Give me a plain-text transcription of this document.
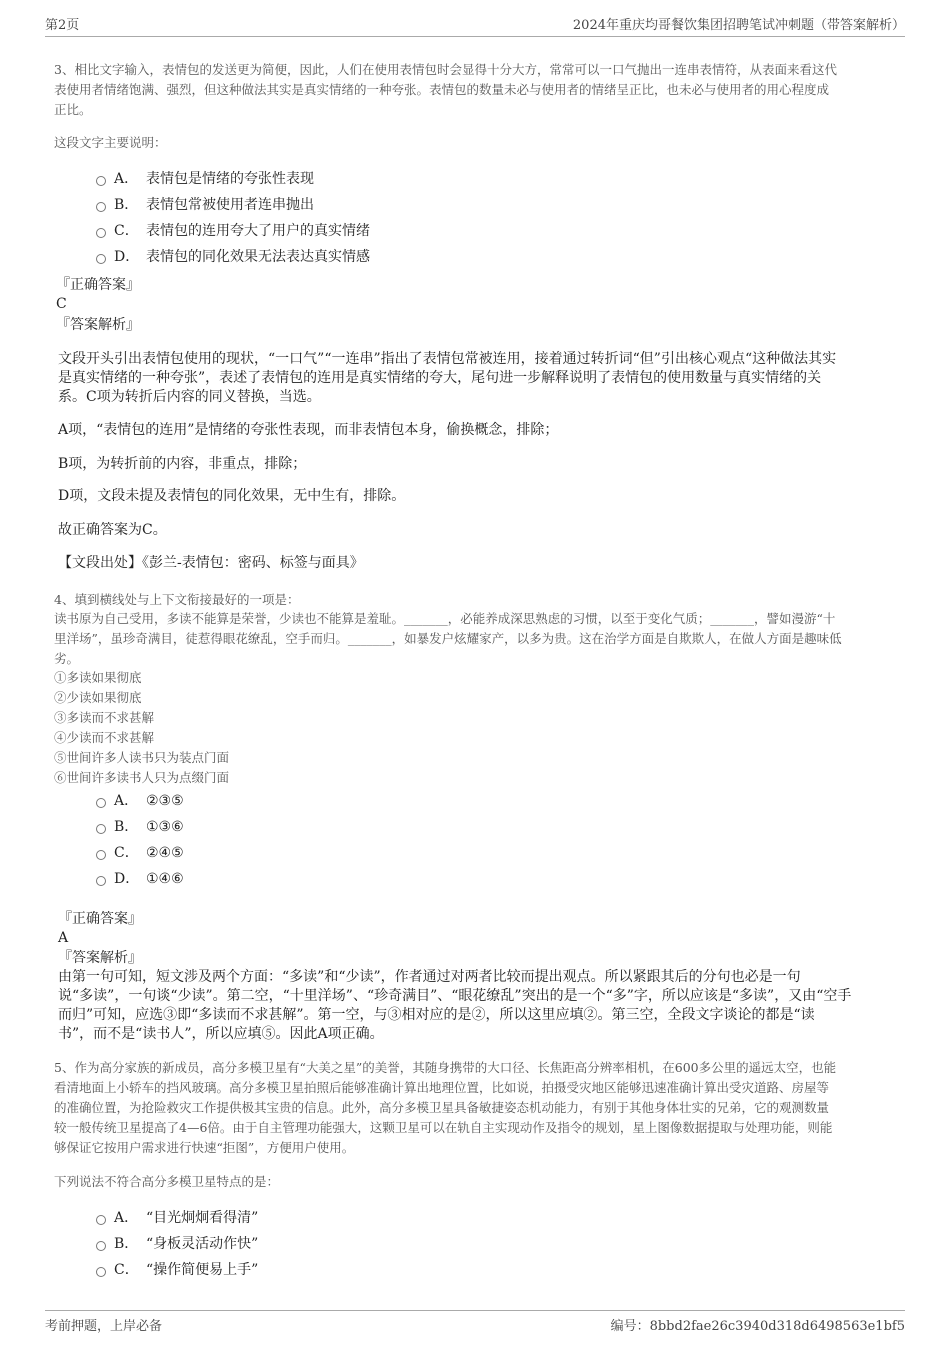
第2页	2024年重庆均哥餐饮集团招聘笔试冲刺题（带答案解析）
3、相比文字输入，表情包的发送更为简便，因此，人们在使用表情包时会显得十分大方，常常可以一口气抛出一连串表情符，从表面来看这代
表使用者情绪饱满、强烈，但这种做法其实是真实情绪的一种夸张。表情包的数量未必与使用者的情绪呈正比，也未必与使用者的用心程度成
正比。
这段文字主要说明：
A． 表情包是情绪的夸张性表现
B． 表情包常被使用者连串抛出
C． 表情包的连用夸大了用户的真实情绪
D． 表情包的同化效果无法表达真实情感
『正确答案』
C
『答案解析』
文段开头引出表情包使用的现状，“一口气”“一连串”指出了表情包常被连用，接着通过转折词“但”引出核心观点“这种做法其实
是真实情绪的一种夸张”，表述了表情包的连用是真实情绪的夸大，尾句进一步解释说明了表情包的使用数量与真实情绪的关
系。C项为转折后内容的同义替换，当选。
A项，“表情包的连用”是情绪的夸张性表现，而非表情包本身，偷换概念，排除；
B项，为转折前的内容，非重点，排除；
D项，文段未提及表情包的同化效果，无中生有，排除。
故正确答案为C。
【文段出处】《彭兰-表情包：密码、标签与面具》
4、填到横线处与上下文衔接最好的一项是：
读书原为自己受用，多读不能算是荣誉，少读也不能算是羞耻。_______，必能养成深思熟虑的习惯，以至于变化气质；_______，譬如漫游“十
里洋场”，虽珍奇满目，徒惹得眼花缭乱，空手而归。_______，如暴发户炫耀家产，以多为贵。这在治学方面是自欺欺人，在做人方面是趣味低
劣。
①多读如果彻底
②少读如果彻底
③多读而不求甚解
④少读而不求甚解
⑤世间许多人读书只为装点门面
⑥世间许多读书人只为点缀门面
A． ②③⑤
B． ①③⑥
C． ②④⑤
D． ①④⑥
『正确答案』
A
『答案解析』
由第一句可知，短文涉及两个方面：“多读”和“少读”，作者通过对两者比较而提出观点。所以紧跟其后的分句也必是一句
说“多读”，一句谈“少读”。第二空，“十里洋场”、“珍奇满目”、“眼花缭乱”突出的是一个“多”字，所以应该是“多读”，又由“空手
而归”可知，应选③即“多读而不求甚解”。第一空，与③相对应的是②，所以这里应填②。第三空，全段文字谈论的都是“读
书”，而不是“读书人”，所以应填⑤。因此A项正确。
5、作为高分家族的新成员，高分多模卫星有“大美之星”的美誉，其随身携带的大口径、长焦距高分辨率相机，在600多公里的遥远太空，也能
看清地面上小轿车的挡风玻璃。高分多模卫星拍照后能够准确计算出地理位置，比如说，拍摄受灾地区能够迅速准确计算出受灾道路、房屋等
的准确位置，为抢险救灾工作提供极其宝贵的信息。此外，高分多模卫星具备敏捷姿态机动能力，有别于其他身体壮实的兄弟，它的观测数量
较一般传统卫星提高了4—6倍。由于自主管理功能强大，这颗卫星可以在轨自主实现动作及指令的规划，星上图像数据提取与处理功能，则能
够保证它按用户需求进行快速“拒图”，方便用户使用。
下列说法不符合高分多模卫星特点的是：
A． “目光炯炯看得清”
B． “身板灵活动作快”
C． “操作简便易上手”
考前押题，上岸必备	编号：8bbd2fae26c3940d318d6498563e1bf5
